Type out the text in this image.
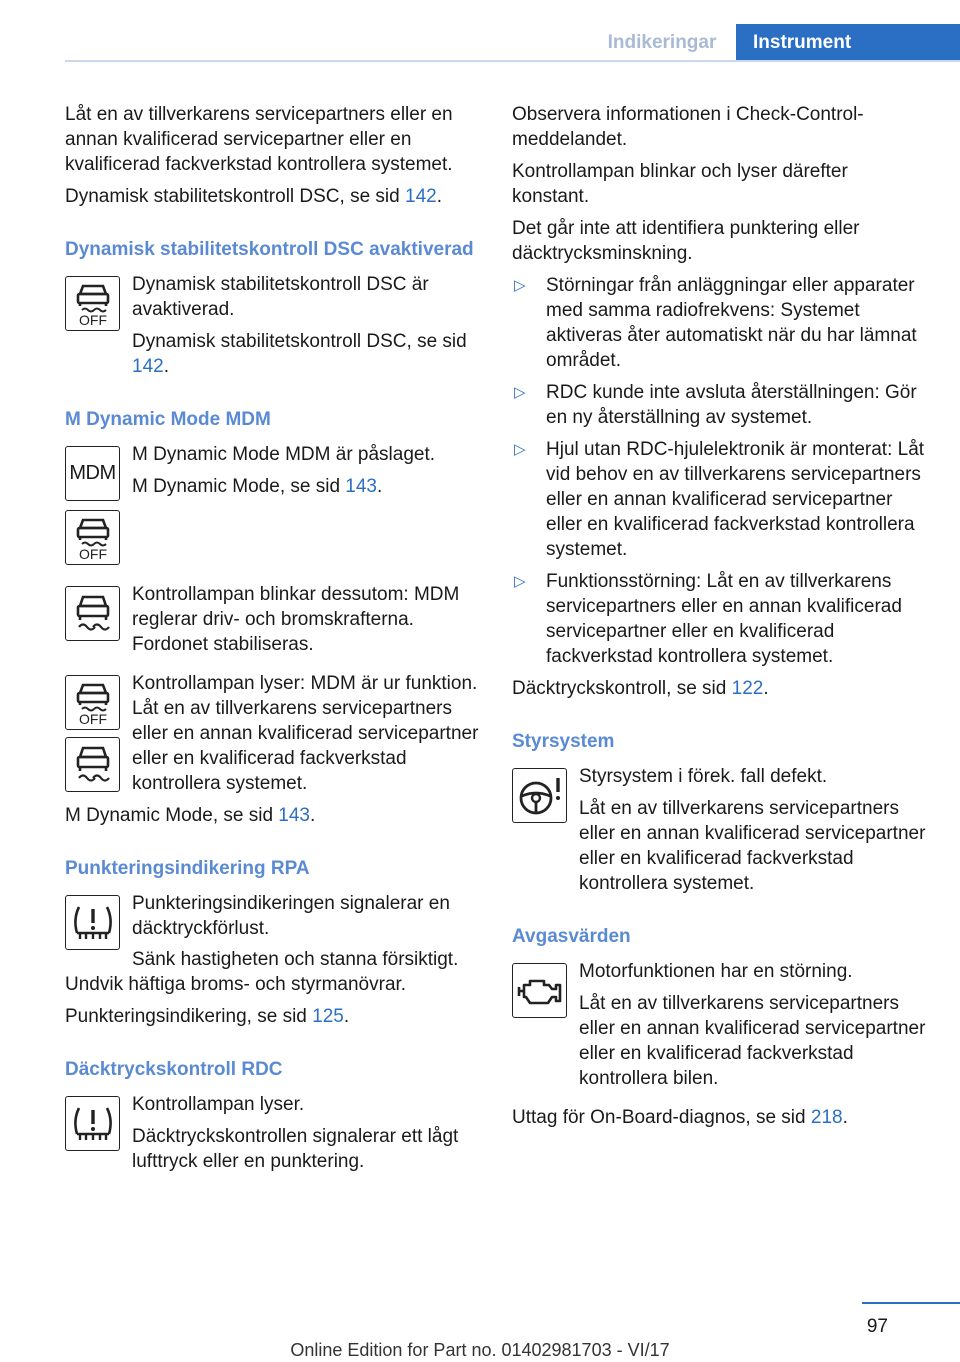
Indikeringar	Instrument

Låt en av tillverkarens servicepartners eller en annan kvalificerad servicepartner eller en kvalificerad fackverkstad kontrollera systemet.

Dynamisk stabilitetskontroll DSC, se sid 142.

Dynamisk stabilitetskontroll DSC avaktiverad
OFF

Dynamisk stabilitetskontroll DSC är avaktiverad.

Dynamisk stabilitetskontroll DSC, se sid 142.

M Dynamic Mode MDM
MDM

M Dynamic Mode MDM är påslaget.

M Dynamic Mode, se sid 143.

OFF

Kontrollampan blinkar dessutom: MDM reglerar driv- och bromskrafterna. Fordonet stabiliseras.

OFF

Kontrollampan lyser: MDM är ur funktion. Låt en av tillverkarens servicepartners eller en annan kvalificerad servicepartner eller en kvalificerad fackverkstad kontrollera systemet.

M Dynamic Mode, se sid 143.

Punkteringsindikering RPA

Punkteringsindikeringen signalerar en däcktryckförlust.

Sänk hastigheten och stanna försiktigt. Undvik häftiga broms- och styrmanövrar.

Punkteringsindikering, se sid 125.

Däcktryckskontroll RDC

Kontrollampan lyser.

Däcktryckskontrollen signalerar ett lågt lufttryck eller en punktering.

Observera informationen i Check-Control-meddelandet.

Kontrollampan blinkar och lyser därefter konstant.

Det går inte att identifiera punktering eller däcktrycksminskning.

▷ Störningar från anläggningar eller apparater med samma radiofrekvens: Systemet aktiveras åter automatiskt när du har lämnat området.
▷ RDC kunde inte avsluta återställningen: Gör en ny återställning av systemet.
▷ Hjul utan RDC-hjulelektronik är monterat: Låt vid behov en av tillverkarens servicepartners eller en annan kvalificerad servicepartner eller en kvalificerad fackverkstad kontrollera systemet.
▷ Funktionsstörning: Låt en av tillverkarens servicepartners eller en annan kvalificerad servicepartner eller en kvalificerad fackverkstad kontrollera systemet.

Däcktryckskontroll, se sid 122.

Styrsystem

Styrsystem i förek. fall defekt.

Låt en av tillverkarens servicepartners eller en annan kvalificerad servicepartner eller en kvalificerad fackverkstad kontrollera systemet.

Avgasvärden

Motorfunktionen har en störning.

Låt en av tillverkarens servicepartners eller en annan kvalificerad servicepartner eller en kvalificerad fackverkstad kontrollera bilen.

Uttag för On-Board-diagnos, se sid 218.

97
Online Edition for Part no. 01402981703 - VI/17
